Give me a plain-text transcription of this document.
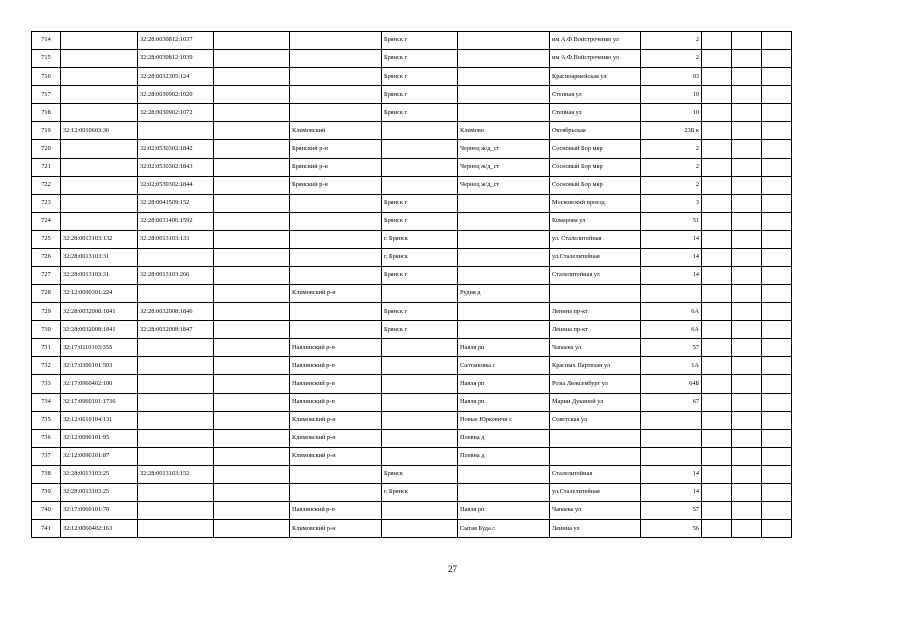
714		32:28:0030812:1037			Брянск г		им А.Ф.Войстроченко ул	2			
715		32:28:0030812:1039			Брянск г		им А.Ф.Войстроченко ул	2			
716		32:28:0032305:124			Брянск г		Красноармейская ул	93			
717		32:28:0030902:1020			Брянск г		Степная ул	10			
718		32:28:0030902:1072			Брянск г		Степная ул	10			
719	32:12:0010603:36			Климовский		Климово	Октябрьская	23Б к			
720		32:02:0530302:1842		Брянский р-н		Чернец ж/д_ст	Сосновый Бор мкр	2			
721		32:02:0530302:1843		Брянский р-н		Чернец ж/д_ст	Сосновый Бор мкр	2			
722		32:02:0530302:1844		Брянский р-н		Чернец ж/д_ст	Сосновый Бор мкр	2			
723		32:28:0041509:152			Брянск г		Московский проезд	3			
724		32:28:0031406:1592			Брянск г		Комарова ул	51			
725	32:28:0013103:132	32:28:0013103:133			г. Брянск		ул. Сталелитейная	14			
726	32:28:0013103:31				г. Брянск		ул.Сталелитейная	14			
727	32:28:0013103:31	32:28:0013103:266			Брянск г		Сталелитейная ул	14			
728	32:12:0090301:224			Климовский р-н		Рудня д					
729	32:28:0032008:1841	32:28:0032008:1846			Брянск г		Ленина пр-кт	6А			
730	32:28:0032008:1841	32:28:0032008:1847			Брянск г		Ленина пр-кт	6А			
731	32:17:0110103:355			Навлинский р-н		Навля рп	Чапаева ул	57			
732	32:17:0300101:503			Навлинский р-н		Салтановка с	Красных Партизан ул	1А			
733	32:17:0960402:100			Навлинский р-н		Навля рп	Розы Люксембург ул	64Б			
734	32:17:0960101:1736			Навлинский р-н		Навля рп	Марии Дукиной ул	67			
735	32:12:0610104:131			Климовский р-н		Новые Юрковичи с	Советская ул				
736	32:12:0090101:95			Климовский р-н		Плевна д					
737	32:12:0090101:87			Климовский р-н		Плевна д					
738	32:28:0013103:25	32:28:0013103:152			Брянск		Сталелитейная	14			
739	32:28:0013103:25				г. Брянск		ул.Сталелитейная	14			
740	32:17:0060101:78			Навлинский р-н		Навля рп	Чапаева ул	57			
741	32:12:0060402:163			Климовский р-н		Сытая Буда с	Ленина ул	56			
27
